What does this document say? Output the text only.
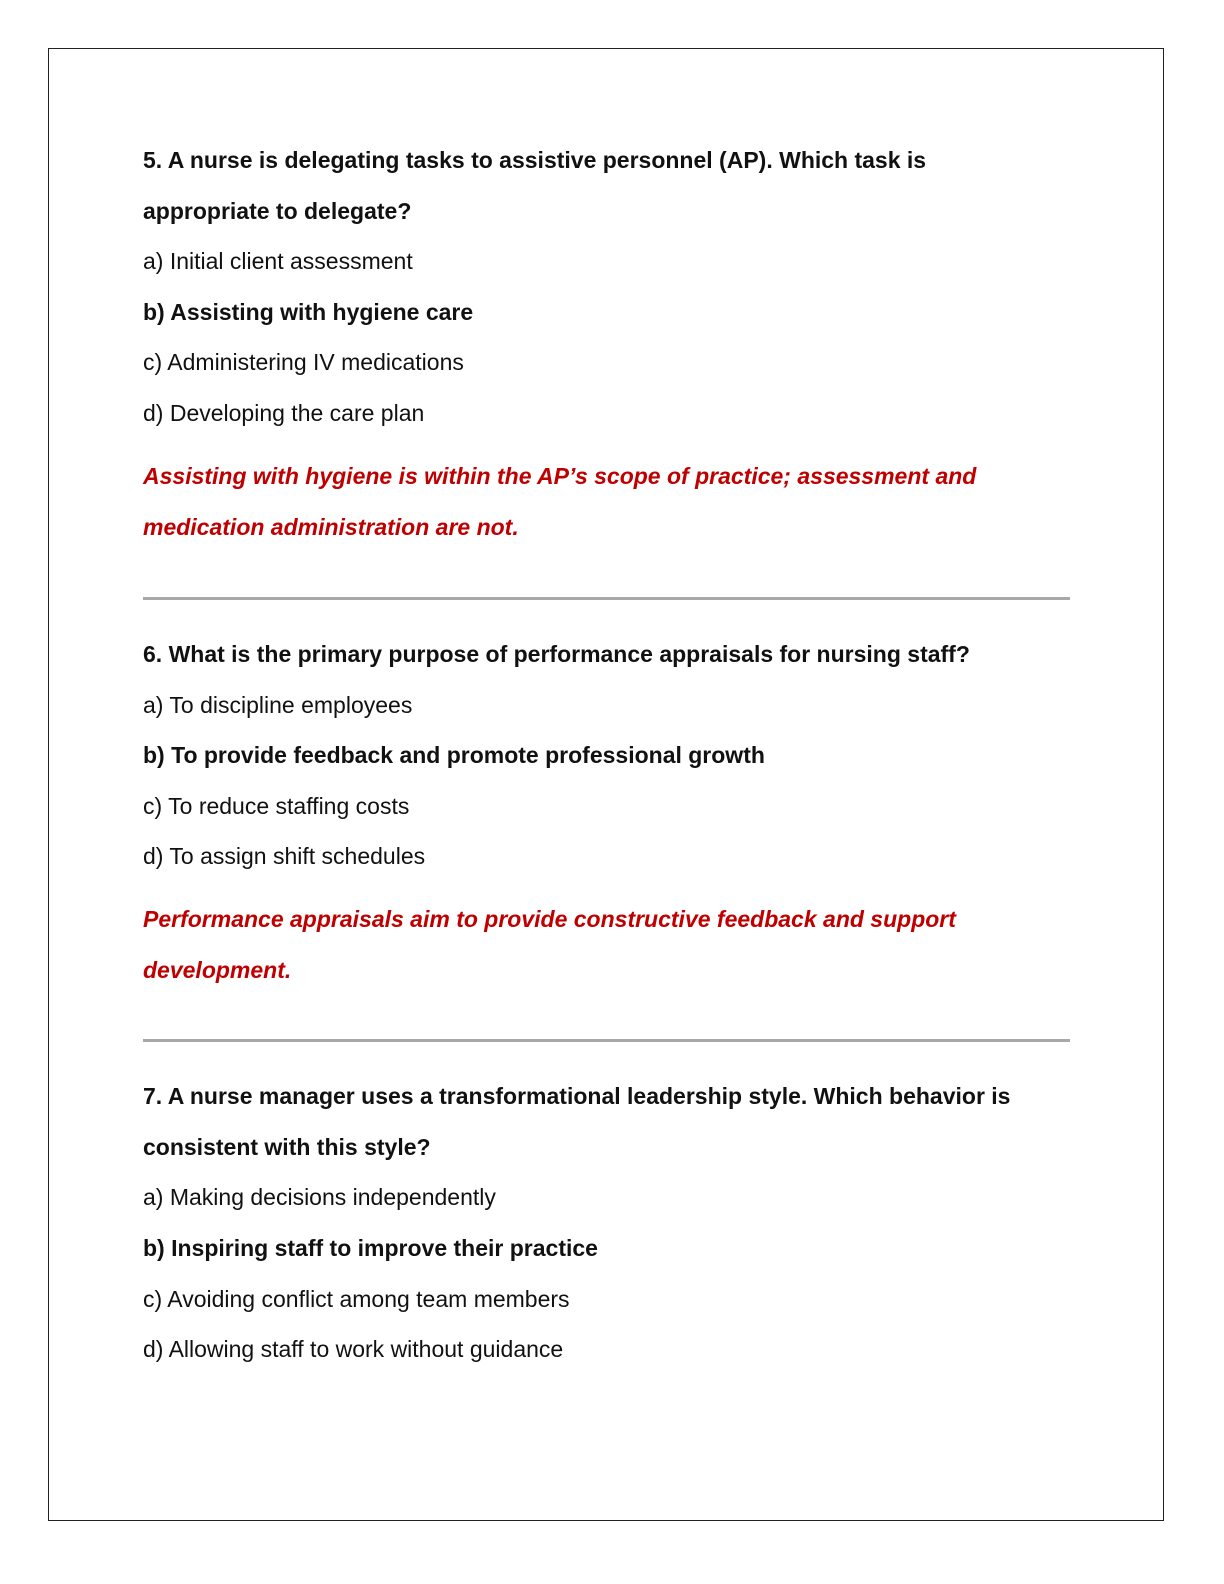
5. A nurse is delegating tasks to assistive personnel (AP). Which task is
appropriate to delegate?
a) Initial client assessment
b) Assisting with hygiene care
c) Administering IV medications
d) Developing the care plan
Assisting with hygiene is within the AP’s scope of practice; assessment and
medication administration are not.
6. What is the primary purpose of performance appraisals for nursing staff?
a) To discipline employees
b) To provide feedback and promote professional growth
c) To reduce staffing costs
d) To assign shift schedules
Performance appraisals aim to provide constructive feedback and support
development.
7. A nurse manager uses a transformational leadership style. Which behavior is
consistent with this style?
a) Making decisions independently
b) Inspiring staff to improve their practice
c) Avoiding conflict among team members
d) Allowing staff to work without guidance
